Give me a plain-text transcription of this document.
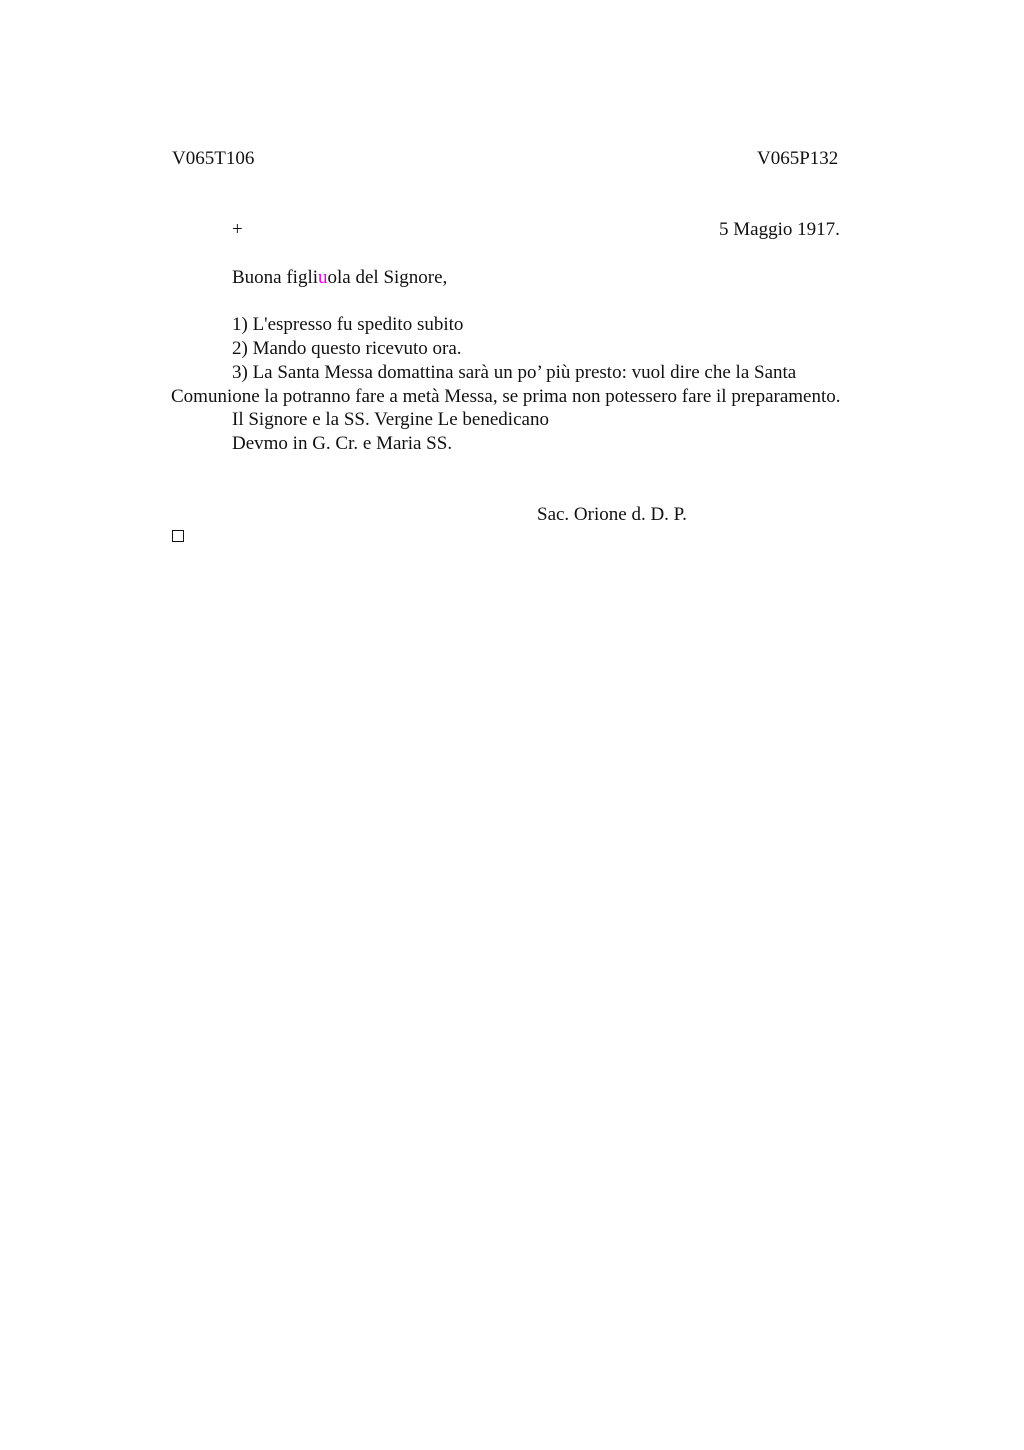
V065T106	V065P132
+	5 Maggio 1917.
Buona figliuola del Signore,
1) L'espresso fu spedito subito
2) Mando questo ricevuto ora.
3) La Santa Messa domattina sarà un po’ più presto: vuol dire che la Santa
Comunione la potranno fare a metà Messa, se prima non potessero fare il preparamento.
Il Signore e la SS. Vergine Le benedicano
Devmo in G. Cr. e Maria SS.
Sac. Orione d. D. P.
